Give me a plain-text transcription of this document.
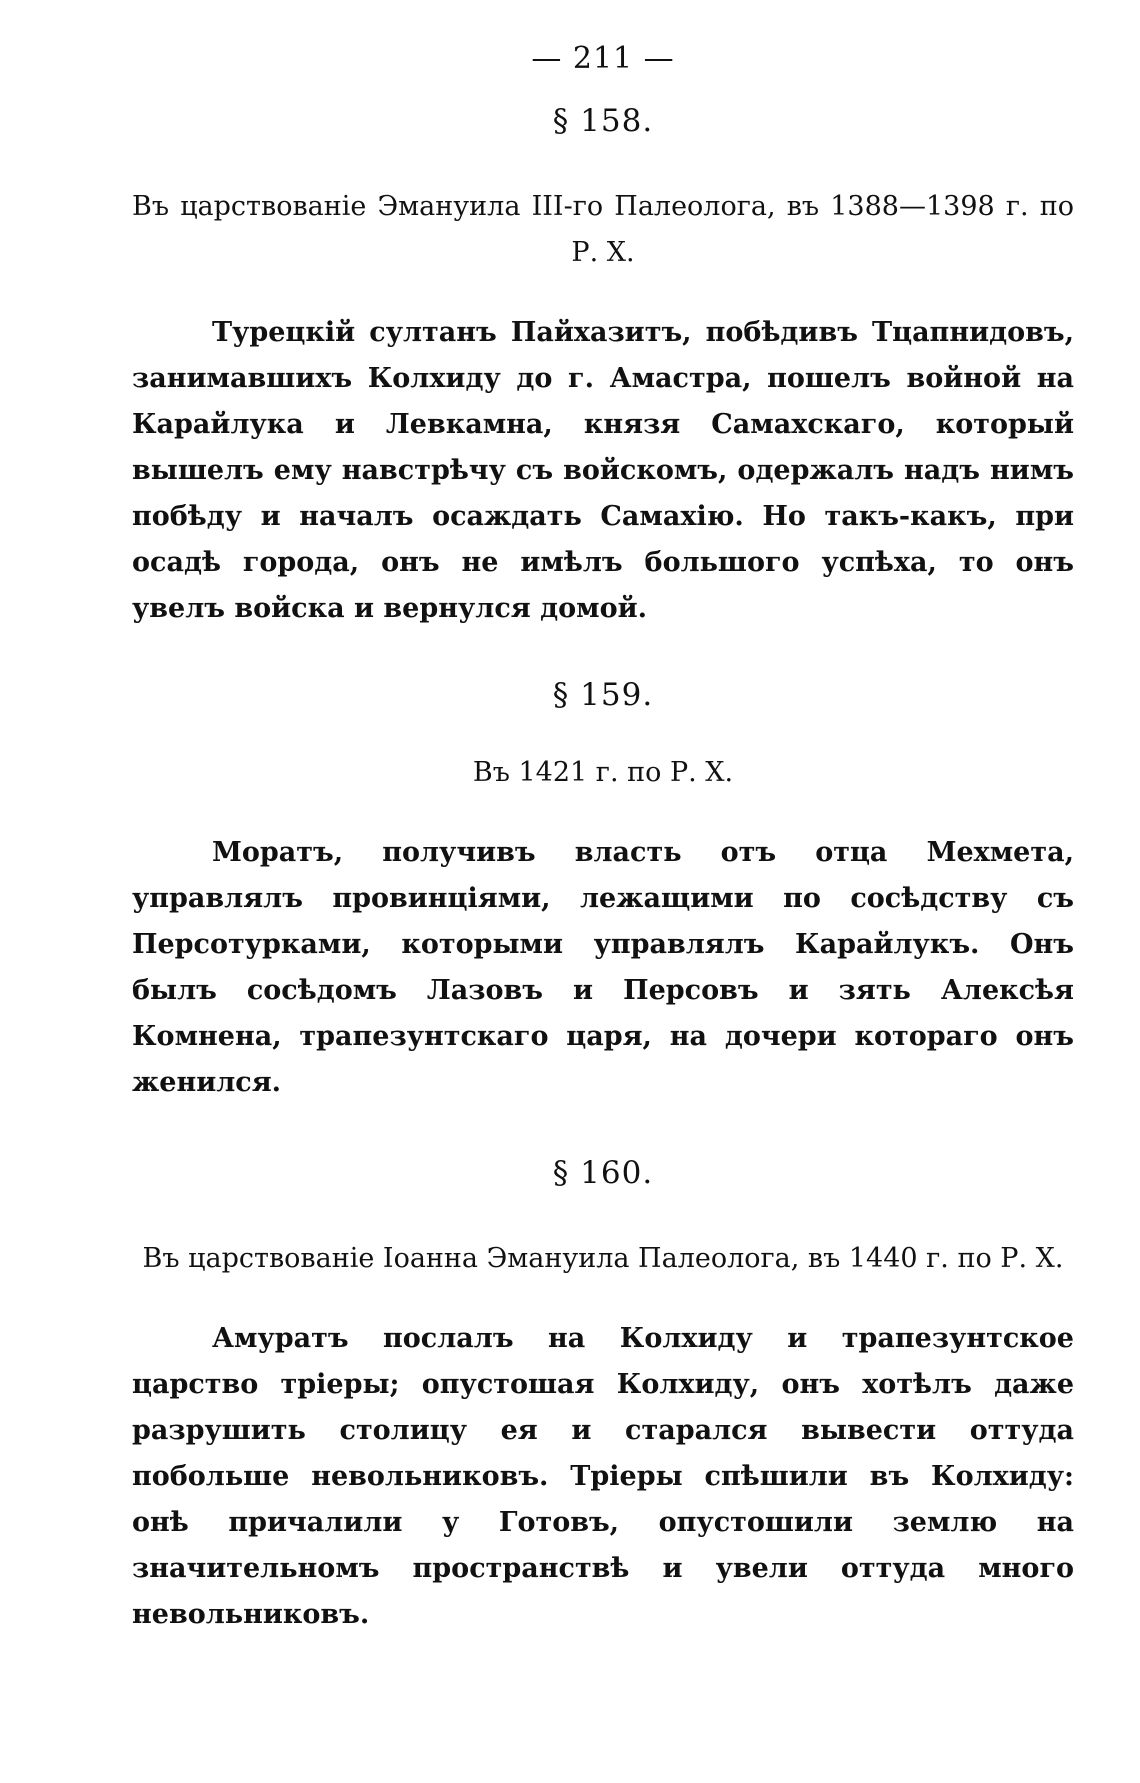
— 211 —
§ 158.
Въ царствованіе Эмануила III-го Палеолога, въ 1388—1398 г. по Р. Х.

Турецкій султанъ Пайхазитъ, побѣдивъ Тцапнидовъ, занимавшихъ Колхиду до г. Амастра, пошелъ войной на Карайлука и Левкамна, князя Самахскаго, который вышелъ ему навстрѣчу съ войскомъ, одержалъ надъ нимъ побѣду и началъ осаждать Самахію. Но такъ-какъ, при осадѣ города, онъ не имѣлъ большого успѣха, то онъ увелъ войска и вернулся домой.

§ 159.
Въ 1421 г. по Р. Х.

Моратъ, получивъ власть отъ отца Мехмета, управлялъ провинціями, лежащими по сосѣдству съ Персотурками, которыми управлялъ Карайлукъ. Онъ былъ сосѣдомъ Лазовъ и Персовъ и зять Алексѣя Комнена, трапезунтскаго царя, на дочери котораго онъ женился.

§ 160.
Въ царствованіе Іоанна Эмануила Палеолога, въ 1440 г. по Р. Х.

Амуратъ послалъ на Колхиду и трапезунтское царство тріеры; опустошая Колхиду, онъ хотѣлъ даже разрушить столицу ея и старался вывести оттуда побольше невольниковъ. Тріеры спѣшили въ Колхиду: онѣ причалили у Готовъ, опустошили землю на значительномъ пространствѣ и увели оттуда много невольниковъ.
